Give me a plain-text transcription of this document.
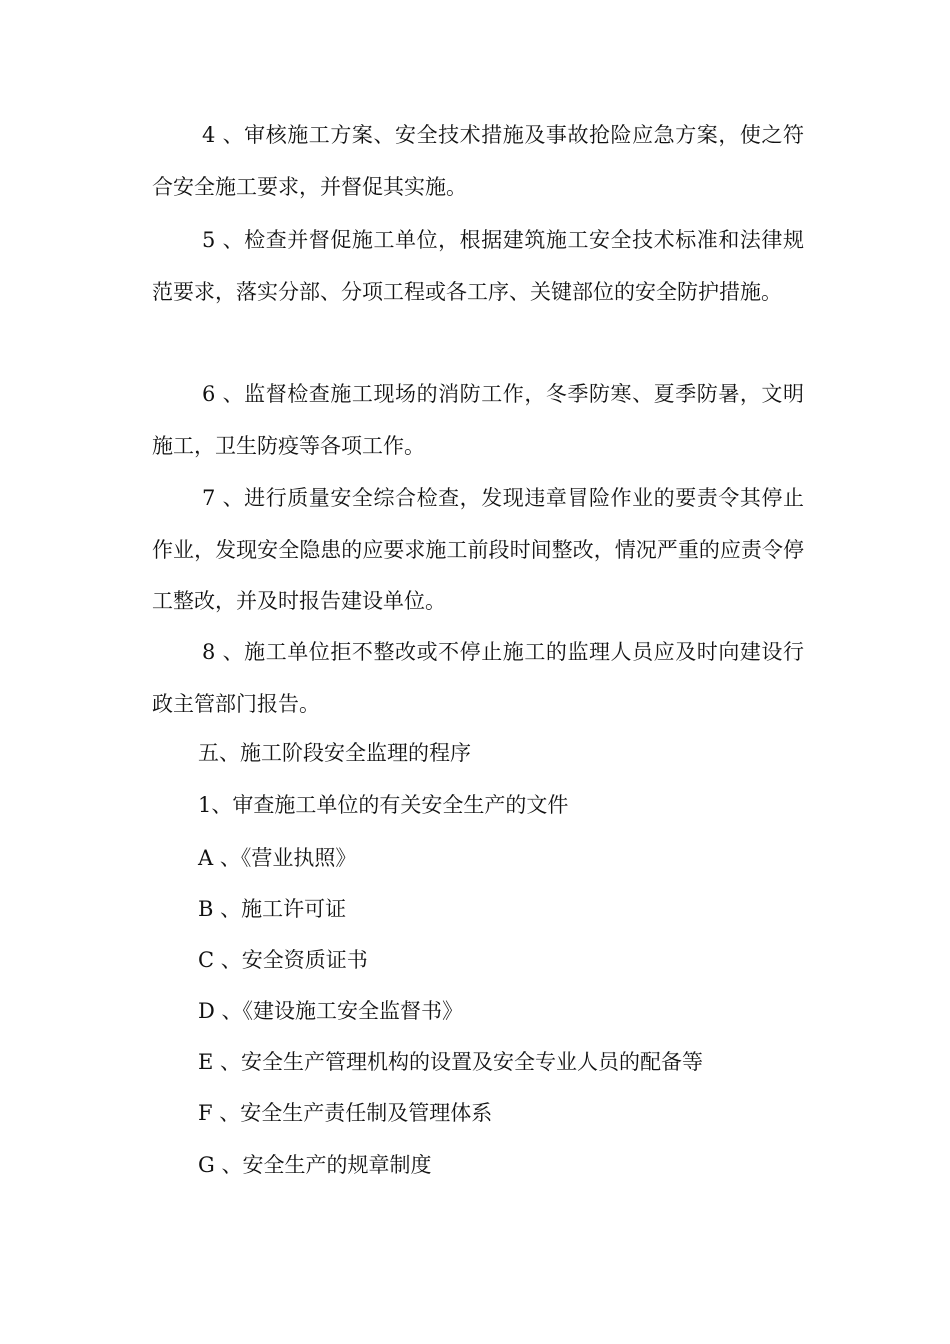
4 、审核施工方案、安全技术措施及事故抢险应急方案，使之符合安全施工要求，并督促其实施。

5 、检查并督促施工单位，根据建筑施工安全技术标准和法律规范要求，落实分部、分项工程或各工序、关键部位的安全防护措施。

6 、监督检查施工现场的消防工作，冬季防寒、夏季防暑，文明施工，卫生防疫等各项工作。

7 、进行质量安全综合检查，发现违章冒险作业的要责令其停止作业，发现安全隐患的应要求施工前段时间整改，情况严重的应责令停工整改，并及时报告建设单位。

8 、施工单位拒不整改或不停止施工的监理人员应及时向建设行政主管部门报告。

五、施工阶段安全监理的程序

1、审查施工单位的有关安全生产的文件

A 、《营业执照》

B 、施工许可证

C 、安全资质证书

D 、《建设施工安全监督书》

E 、安全生产管理机构的设置及安全专业人员的配备等

F 、安全生产责任制及管理体系

G 、安全生产的规章制度
